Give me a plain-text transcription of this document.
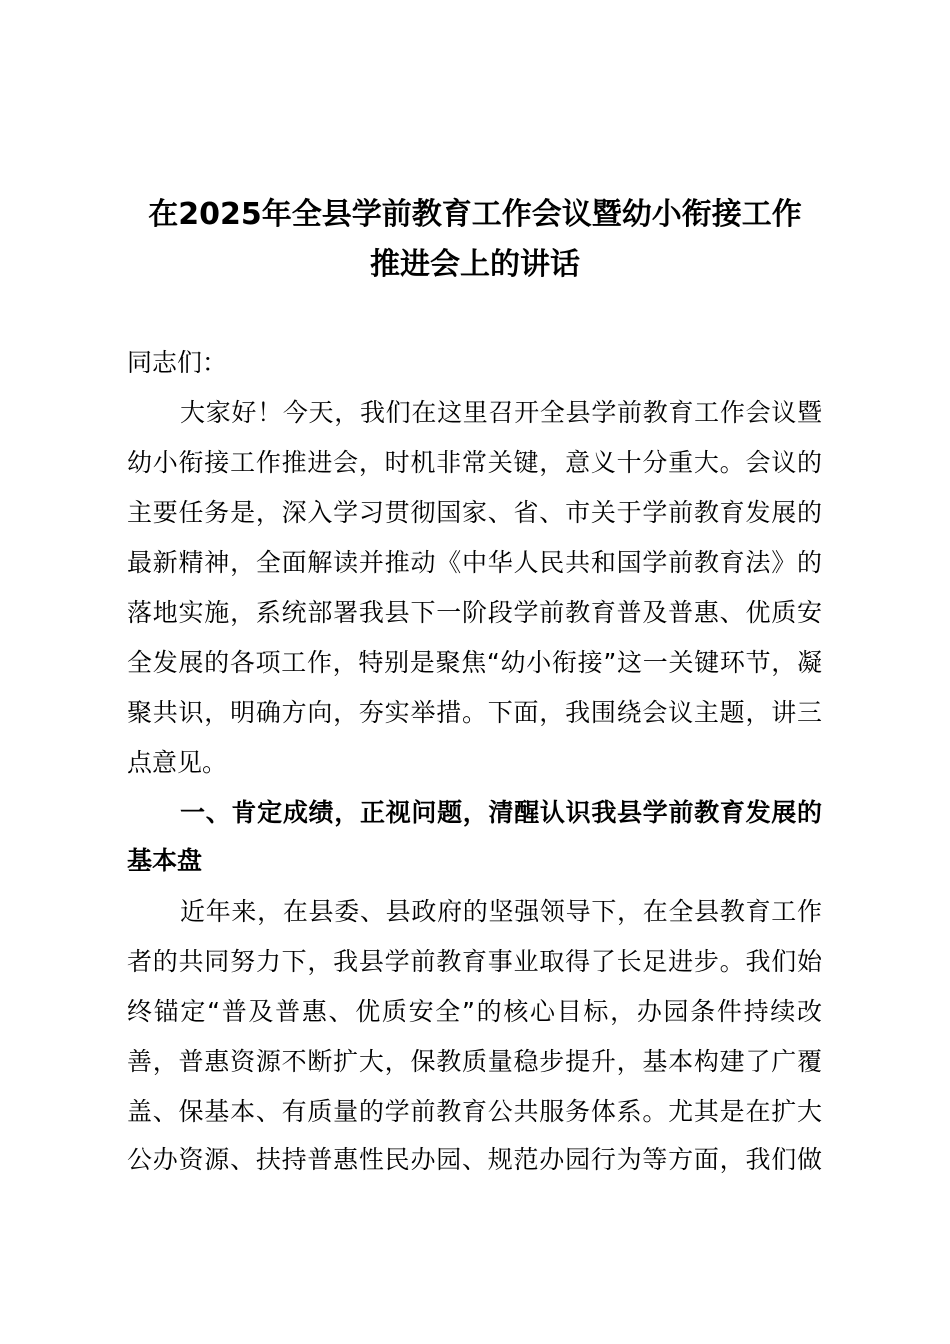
在2025年全县学前教育工作会议暨幼小衔接工作
推进会上的讲话
同志们：
大家好！今天，我们在这里召开全县学前教育工作会议暨
幼小衔接工作推进会，时机非常关键，意义十分重大。会议的
主要任务是，深入学习贯彻国家、省、市关于学前教育发展的
最新精神，全面解读并推动《中华人民共和国学前教育法》的
落地实施，系统部署我县下一阶段学前教育普及普惠、优质安
全发展的各项工作，特别是聚焦“幼小衔接”这一关键环节，凝
聚共识，明确方向，夯实举措。下面，我围绕会议主题，讲三
点意见。
一、肯定成绩，正视问题，清醒认识我县学前教育发展的
基本盘
近年来，在县委、县政府的坚强领导下，在全县教育工作
者的共同努力下，我县学前教育事业取得了长足进步。我们始
终锚定“普及普惠、优质安全”的核心目标，办园条件持续改
善，普惠资源不断扩大，保教质量稳步提升，基本构建了广覆
盖、保基本、有质量的学前教育公共服务体系。尤其是在扩大
公办资源、扶持普惠性民办园、规范办园行为等方面，我们做
